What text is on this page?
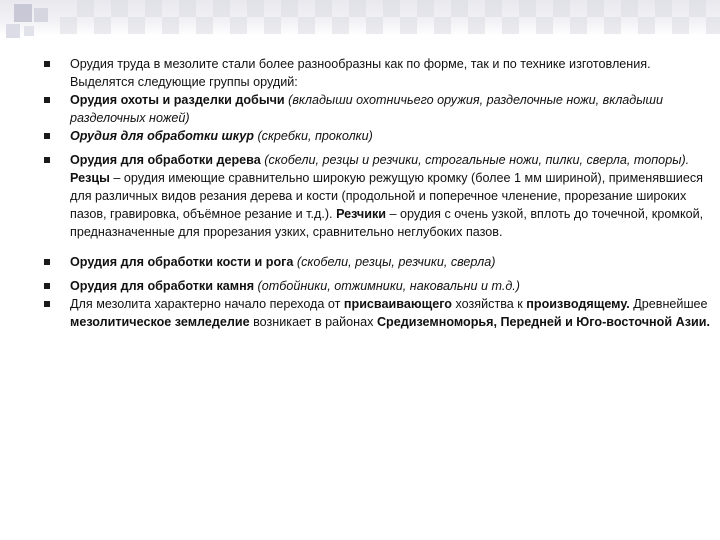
Орудия труда в мезолите стали более разнообразны как по форме, так и по технике изготовления. Выделятся следующие группы орудий:
Орудия охоты и разделки добычи (вкладыши охотничьего оружия, разделочные ножи, вкладыши разделочных ножей)
Орудия для обработки шкур (скребки, проколки)
Орудия для обработки дерева (скобели, резцы и резчики, строгальные ножи, пилки, сверла, топоры). Резцы – орудия имеющие сравнительно широкую режущую кромку (более 1 мм шириной), применявшиеся для различных видов резания дерева и кости (продольной и поперечное членение, прорезание широких пазов, гравировка, объёмное резание и т.д.). Резчики – орудия с очень узкой, вплоть до точечной, кромкой, предназначенные для прорезания узких, сравнительно неглубоких пазов.
Орудия для обработки кости и рога (скобели, резцы, резчики, сверла)
Орудия для обработки камня (отбойники, отжимники, наковальни и т.д.)
Для мезолита характерно начало перехода от присваивающего хозяйства к производящему. Древнейшее мезолитическое земледелие возникает в районах Средиземноморья, Передней и Юго-восточной Азии.
